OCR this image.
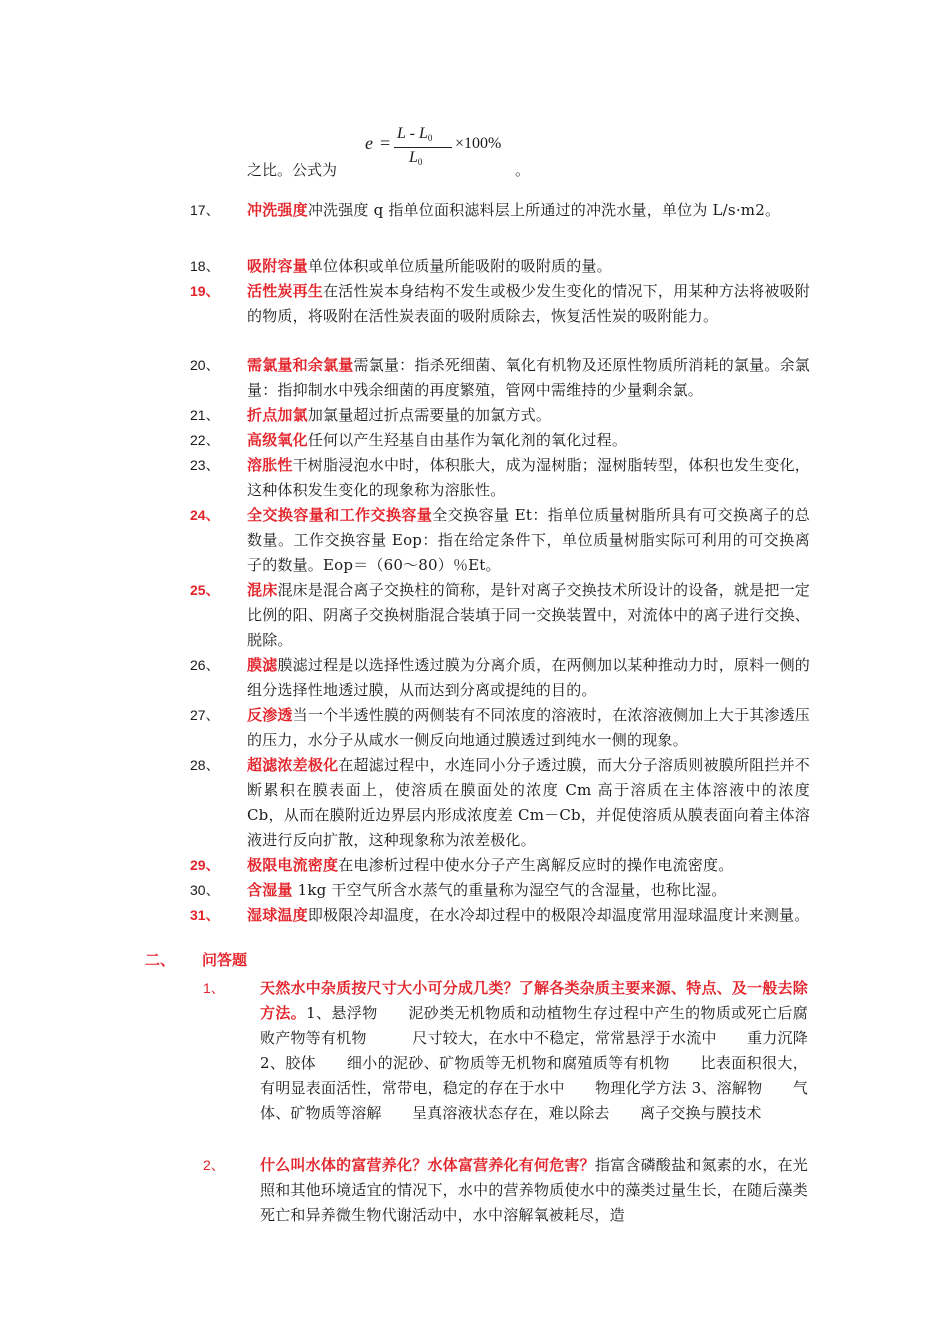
之比。公式为
e = L - L0
L0
×100%
。
17、 冲洗强度冲洗强度 q 指单位面积滤料层上所通过的冲洗水量，单位为 L/s·m2。
18、 吸附容量单位体积或单位质量所能吸附的吸附质的量。
19、 活性炭再生在活性炭本身结构不发生或极少发生变化的情况下，用某种方法将被吸附的物质，将吸附在活性炭表面的吸附质除去，恢复活性炭的吸附能力。
20、 需氯量和余氯量需氯量：指杀死细菌、氧化有机物及还原性物质所消耗的氯量。余氯量：指抑制水中残余细菌的再度繁殖，管网中需维持的少量剩余氯。
21、 折点加氯加氯量超过折点需要量的加氯方式。
22、 高级氧化任何以产生羟基自由基作为氧化剂的氧化过程。
23、 溶胀性干树脂浸泡水中时，体积胀大，成为湿树脂；湿树脂转型，体积也发生变化，这种体积发生变化的现象称为溶胀性。
24、 全交换容量和工作交换容量全交换容量 Et：指单位质量树脂所具有可交换离子的总数量。工作交换容量 Eop：指在给定条件下，单位质量树脂实际可利用的可交换离子的数量。Eop＝（60～80）％Et。
25、 混床混床是混合离子交换柱的简称，是针对离子交换技术所设计的设备，就是把一定比例的阳、阴离子交换树脂混合装填于同一交换装置中，对流体中的离子进行交换、脱除。
26、 膜滤膜滤过程是以选择性透过膜为分离介质，在两侧加以某种推动力时，原料一侧的组分选择性地透过膜，从而达到分离或提纯的目的。
27、 反渗透当一个半透性膜的两侧装有不同浓度的溶液时，在浓溶液侧加上大于其渗透压的压力，水分子从咸水一侧反向地通过膜透过到纯水一侧的现象。
28、 超滤浓差极化在超滤过程中，水连同小分子透过膜，而大分子溶质则被膜所阻拦并不断累积在膜表面上，使溶质在膜面处的浓度 Cm 高于溶质在主体溶液中的浓度 Cb，从而在膜附近边界层内形成浓度差 Cm－Cb，并促使溶质从膜表面向着主体溶液进行反向扩散，这种现象称为浓差极化。
29、 极限电流密度在电渗析过程中使水分子产生离解反应时的操作电流密度。
30、 含湿量 1kg 干空气所含水蒸气的重量称为湿空气的含湿量，也称比湿。
31、 湿球温度即极限冷却温度，在水冷却过程中的极限冷却温度常用湿球温度计来测量。
二、 问答题
1、 天然水中杂质按尺寸大小可分成几类？了解各类杂质主要来源、特点、及一般去除方法。1、悬浮物　　泥砂类无机物质和动植物生存过程中产生的物质或死亡后腐败产物等有机物　　　尺寸较大，在水中不稳定，常常悬浮于水流中　　重力沉降 2、胶体　　细小的泥砂、矿物质等无机物和腐殖质等有机物　　比表面积很大，有明显表面活性，常带电，稳定的存在于水中　　物理化学方法 3、溶解物　　气体、矿物质等溶解　　呈真溶液状态存在，难以除去　　离子交换与膜技术
2、 什么叫水体的富营养化？水体富营养化有何危害？指富含磷酸盐和氮素的水，在光照和其他环境适宜的情况下，水中的营养物质使水中的藻类过量生长，在随后藻类死亡和异养微生物代谢活动中，水中溶解氧被耗尽，造
